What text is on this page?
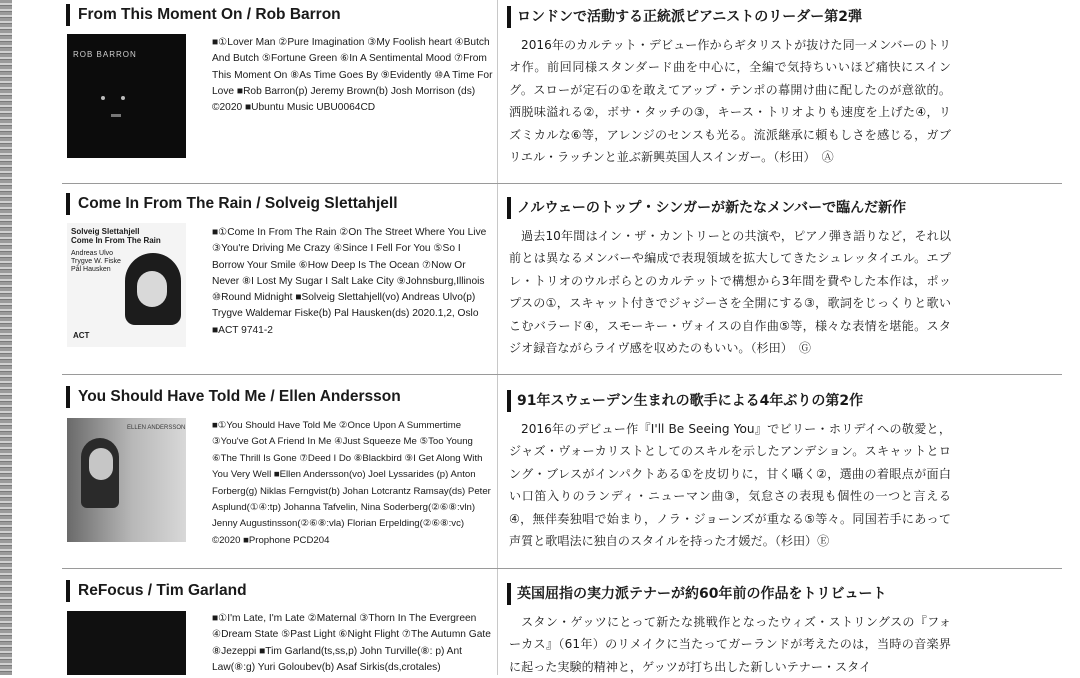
From This Moment On / Rob Barron
ROB BARRON
■①Lover Man ②Pure Imagination ③My Foolish heart ④Butch And Butch ⑤Fortune Green ⑥In A Sentimental Mood ⑦From This Moment On ⑧As Time Goes By ⑨Evidently ⑩A Time For Love ■Rob Barron(p) Jeremy Brown(b) Josh Morrison (ds) ©2020 ■Ubuntu Music UBU0064CD
ロンドンで活動する正統派ピアニストのリーダー第2弾

2016年のカルテット・デビュー作からギタリストが抜けた同一メンバーのトリオ作。前回同様スタンダード曲を中心に，全編で気持ちいいほど痛快にスイング。スローが定石の①を敢えてアップ・テンポの幕開け曲に配したのが意欲的。洒脱味溢れる②，ボサ・タッチの③，キース・トリオよりも速度を上げた④，リズミカルな⑥等，アレンジのセンスも光る。流派継承に頼もしさを感じる，ガブリエル・ラッチンと並ぶ新興英国人スインガー。（杉田）　Ⓐ

Come In From The Rain / Solveig Slettahjell
Solveig Slettahjell
Come In From The Rain
Andreas Ulvo
Trygve W. Fiske
Pål Hausken
ACT
■①Come In From The Rain ②On The Street Where You Live ③You're Driving Me Crazy ④Since I Fell For You ⑤So I Borrow Your Smile ⑥How Deep Is The Ocean ⑦Now Or Never ⑧I Lost My Sugar I Salt Lake City ⑨Johnsburg,Illinois ⑩Round Midnight ■Solveig Slettahjell(vo) Andreas Ulvo(p) Trygve Waldemar Fiske(b) Pal Hausken(ds) 2020.1,2, Oslo ■ACT 9741-2
ノルウェーのトップ・シンガーが新たなメンバーで臨んだ新作

過去10年間はイン・ザ・カントリーとの共演や，ピアノ弾き語りなど，それ以前とは異なるメンバーや編成で表現領域を拡大してきたシュレッタイエル。エプレ・トリオのウルボらとのカルテットで構想から3年間を費やした本作は，ポップスの①，スキャット付きでジャジーさを全開にする③，歌詞をじっくりと歌いこむバラード④，スモーキー・ヴォイスの自作曲⑤等，様々な表情を堪能。スタジオ録音ながらライヴ感を収めたのもいい。（杉田）　Ⓖ

You Should Have Told Me / Ellen Andersson
ELLEN ANDERSSON	■①You Should Have Told Me ②Once Upon A Summertime ③You've Got A Friend In Me ④Just Squeeze Me ⑤Too Young ⑥The Thrill Is Gone ⑦Deed I Do ⑧Blackbird ⑨I Get Along With You Very Well ■Ellen Andersson(vo) Joel Lyssarides (p) Anton Forberg(g) Niklas Ferngvist(b) Johan Lotcrantz Ramsay(ds) Peter Asplund(①④:tp) Johanna Tafvelin, Nina Soderberg(②⑥⑧:vln) Jenny Augustinsson(②⑥⑧:vla) Florian Erpelding(②⑥⑧:vc) ©2020 ■Prophone PCD204
91年スウェーデン生まれの歌手による4年ぶりの第2作

2016年のデビュー作『I'll Be Seeing You』でビリー・ホリデイへの敬愛と，ジャズ・ヴォーカリストとしてのスキルを示したアンデション。スキャットとロング・ブレスがインパクトある①を皮切りに，甘く囁く②，選曲の着眼点が面白い口笛入りのランディ・ニューマン曲③，気怠さの表現も個性の一つと言える④，無伴奏独唱で始まり，ノラ・ジョーンズが重なる⑤等々。同国若手にあって声質と歌唱法に独自のスタイルを持った才媛だ。（杉田）Ⓔ

ReFocus / Tim Garland
■①I'm Late, I'm Late ②Maternal ③Thorn In The Evergreen ④Dream State ⑤Past Light ⑥Night Flight ⑦The Autumn Gate ⑧Jezeppi ■Tim Garland(ts,ss,p) John Turville(⑧: p) Ant Law(⑧:g) Yuri Goloubev(b) Asaf Sirkis(ds,crotales)
英国屈指の実力派テナーが約60年前の作品をトリビュート

スタン・ゲッツにとって新たな挑戦作となったウィズ・ストリングスの『フォーカス』（61年）のリメイクに当たってガーランドが考えたのは，当時の音楽界に起った実験的精神と，ゲッツが打ち出した新しいテナー・スタイ
